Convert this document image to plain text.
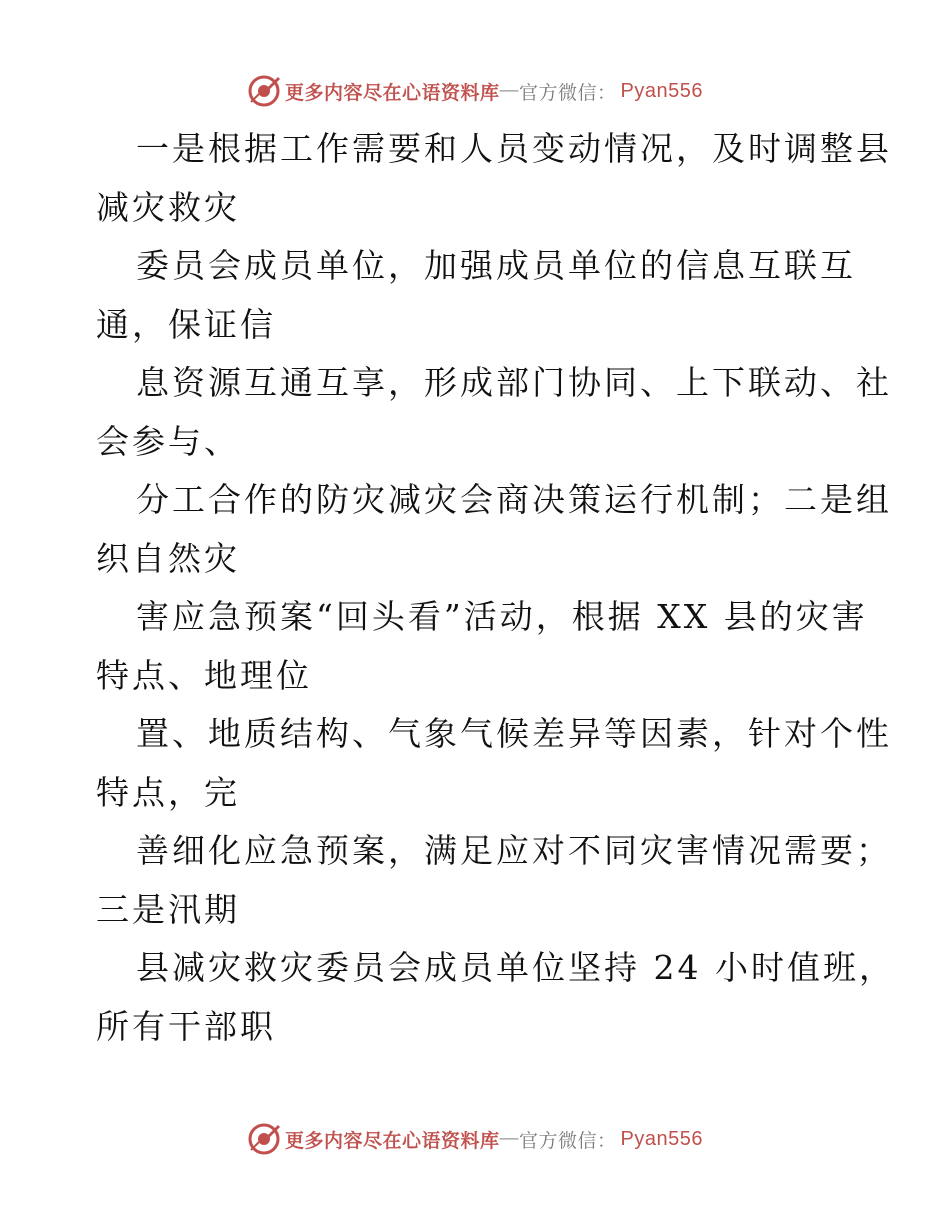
更多内容尽在心语资料库 — 官方微信： Pyan556
一是根据工作需要和人员变动情况，及时调整县
减灾救灾
委员会成员单位，加强成员单位的信息互联互
通，保证信
息资源互通互享，形成部门协同、上下联动、社
会参与、
分工合作的防灾减灾会商决策运行机制；二是组
织自然灾
害应急预案“回头看”活动，根据 XX 县的灾害
特点、地理位
置、地质结构、气象气候差异等因素，针对个性
特点，完
善细化应急预案，满足应对不同灾害情况需要；
三是汛期
县减灾救灾委员会成员单位坚持 24 小时值班，
所有干部职
更多内容尽在心语资料库 — 官方微信： Pyan556
